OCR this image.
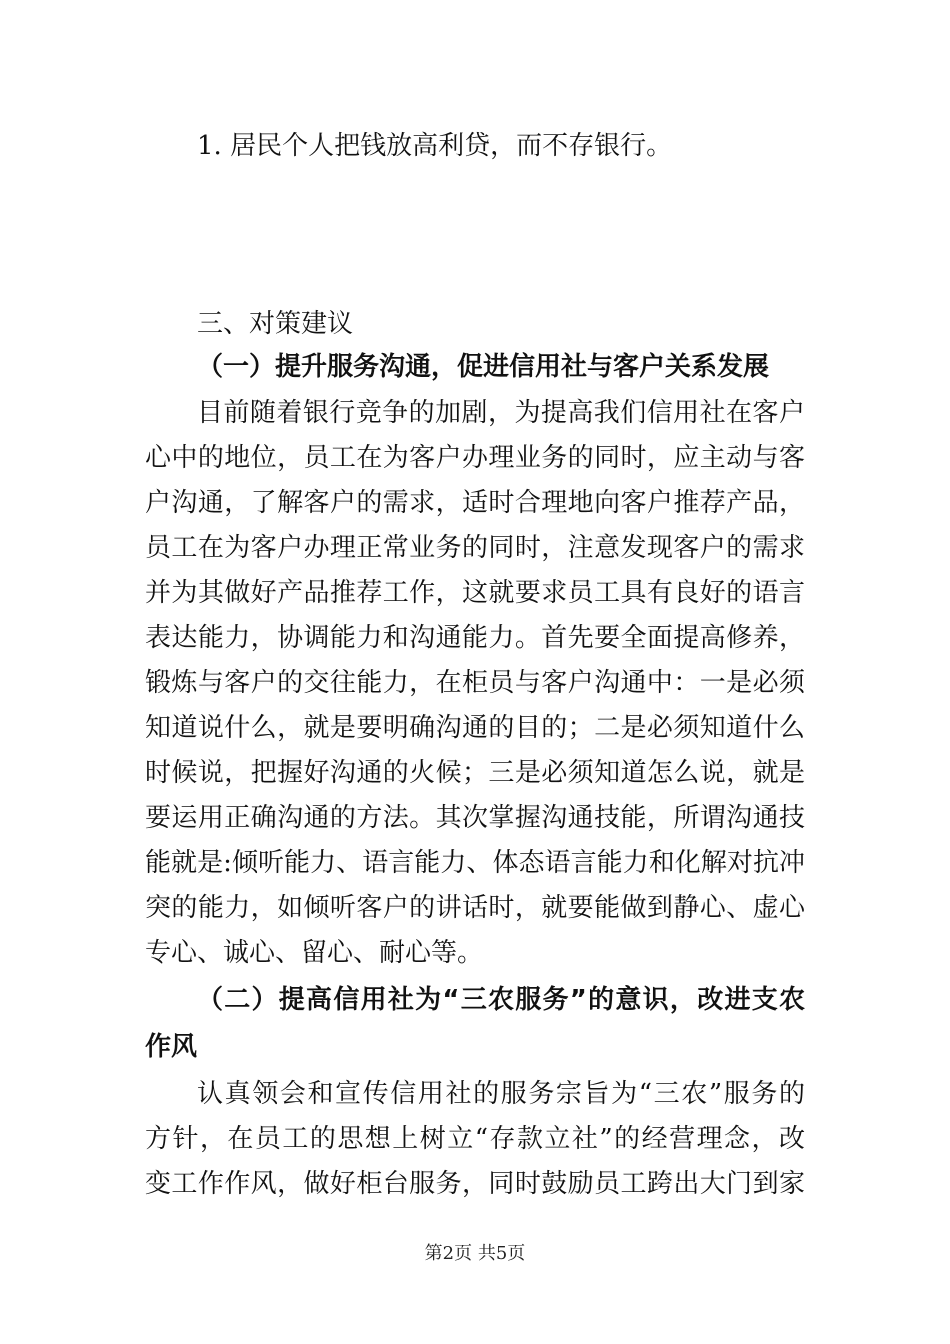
1. 居民个人把钱放高利贷，而不存银行。
三、对策建议
（一）提升服务沟通，促进信用社与客户关系发展
目前随着银行竞争的加剧，为提高我们信用社在客户
心中的地位，员工在为客户办理业务的同时，应主动与客
户沟通，了解客户的需求，适时合理地向客户推荐产品，
员工在为客户办理正常业务的同时，注意发现客户的需求
并为其做好产品推荐工作，这就要求员工具有良好的语言
表达能力，协调能力和沟通能力。首先要全面提高修养，
锻炼与客户的交往能力，在柜员与客户沟通中：一是必须
知道说什么，就是要明确沟通的目的；二是必须知道什么
时候说，把握好沟通的火候；三是必须知道怎么说，就是
要运用正确沟通的方法。其次掌握沟通技能，所谓沟通技
能就是:倾听能力、语言能力、体态语言能力和化解对抗冲
突的能力，如倾听客户的讲话时，就要能做到静心、虚心
专心、诚心、留心、耐心等。
（二）提高信用社为“三农服务”的意识，改进支农
作风
认真领会和宣传信用社的服务宗旨为“三农”服务的
方针，在员工的思想上树立“存款立社”的经营理念，改
变工作作风，做好柜台服务，同时鼓励员工跨出大门到家
第2页 共5页
